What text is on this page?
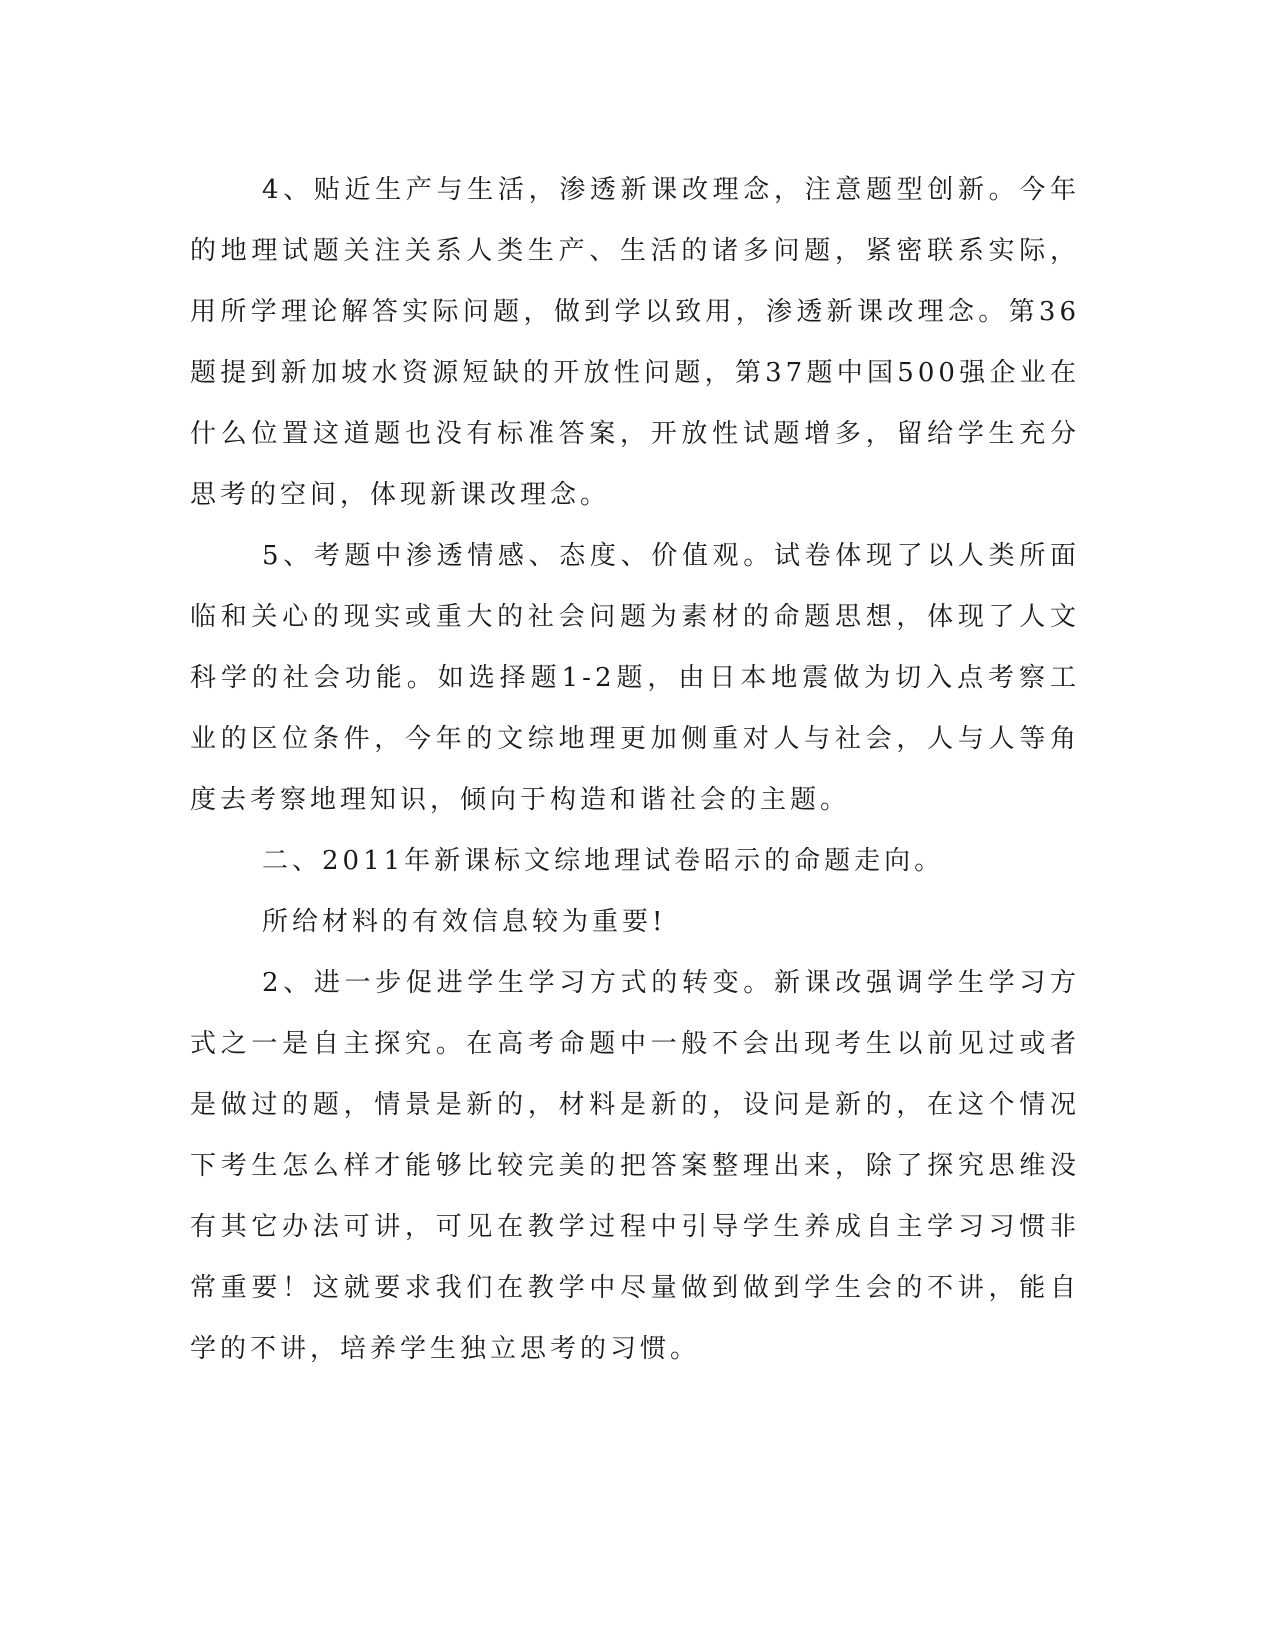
4、贴近生产与生活，渗透新课改理念，注意题型创新。今年的地理试题关注关系人类生产、生活的诸多问题，紧密联系实际，用所学理论解答实际问题，做到学以致用，渗透新课改理念。第36题提到新加坡水资源短缺的开放性问题，第37题中国500强企业在什么位置这道题也没有标准答案，开放性试题增多，留给学生充分思考的空间，体现新课改理念。

5、考题中渗透情感、态度、价值观。试卷体现了以人类所面临和关心的现实或重大的社会问题为素材的命题思想，体现了人文科学的社会功能。如选择题1-2题，由日本地震做为切入点考察工业的区位条件，今年的文综地理更加侧重对人与社会，人与人等角度去考察地理知识，倾向于构造和谐社会的主题。

二、2011年新课标文综地理试卷昭示的命题走向。

所给材料的有效信息较为重要!

2、进一步促进学生学习方式的转变。新课改强调学生学习方式之一是自主探究。在高考命题中一般不会出现考生以前见过或者是做过的题，情景是新的，材料是新的，设问是新的，在这个情况下考生怎么样才能够比较完美的把答案整理出来，除了探究思维没有其它办法可讲，可见在教学过程中引导学生养成自主学习习惯非常重要！这就要求我们在教学中尽量做到做到学生会的不讲，能自学的不讲，培养学生独立思考的习惯。
